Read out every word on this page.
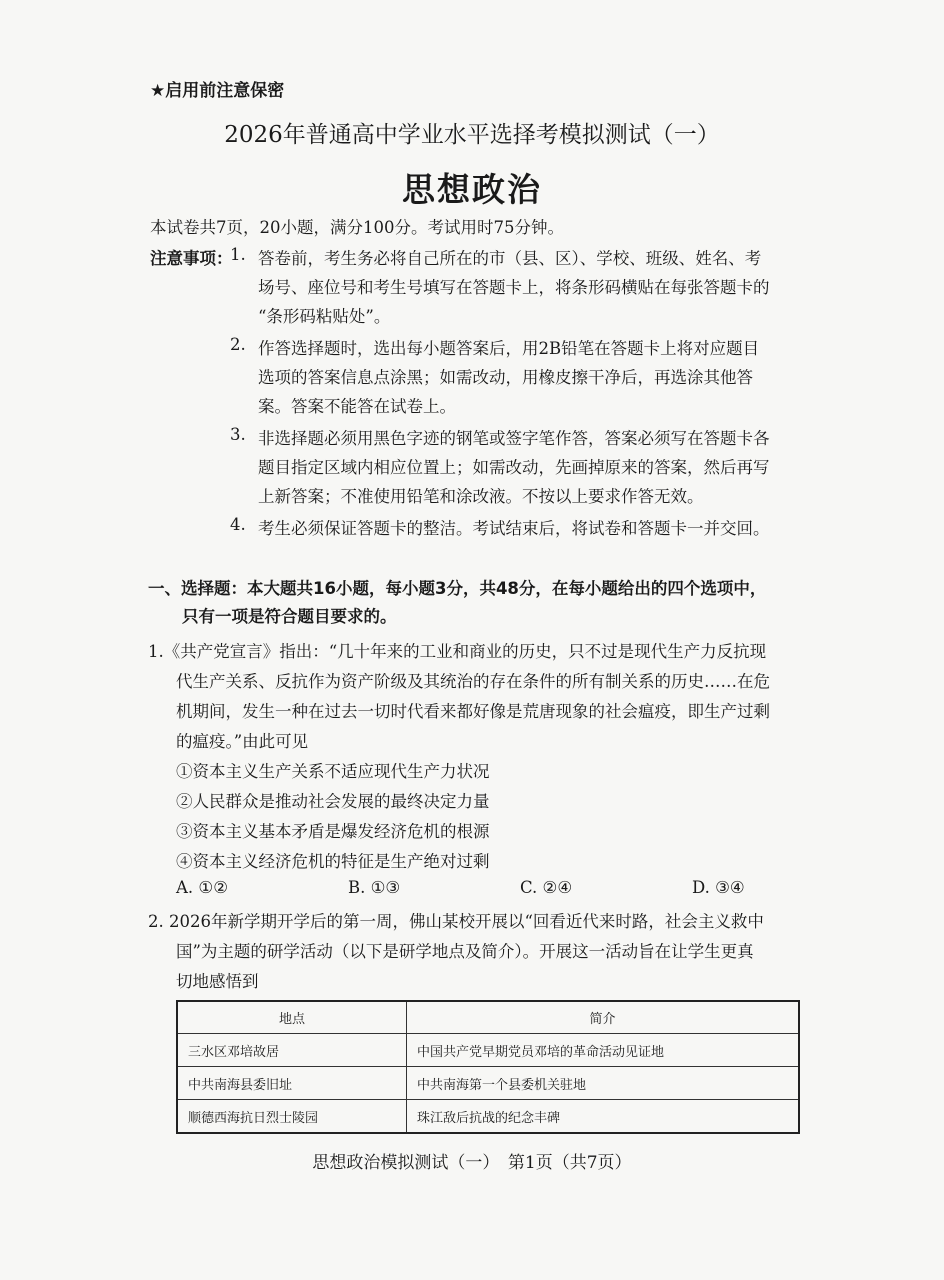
★启用前注意保密
2026年普通高中学业水平选择考模拟测试（一）
思想政治
本试卷共7页，20小题，满分100分。考试用时75分钟。
注意事项：
1. 答卷前，考生务必将自己所在的市（县、区）、学校、班级、姓名、考
场号、座位号和考生号填写在答题卡上，将条形码横贴在每张答题卡的
“条形码粘贴处”。
2. 作答选择题时，选出每小题答案后，用2B铅笔在答题卡上将对应题目
选项的答案信息点涂黑；如需改动，用橡皮擦干净后，再选涂其他答
案。答案不能答在试卷上。
3. 非选择题必须用黑色字迹的钢笔或签字笔作答，答案必须写在答题卡各
题目指定区域内相应位置上；如需改动，先画掉原来的答案，然后再写
上新答案；不准使用铅笔和涂改液。不按以上要求作答无效。
4. 考生必须保证答题卡的整洁。考试结束后，将试卷和答题卡一并交回。
一、选择题：本大题共16小题，每小题3分，共48分，在每小题给出的四个选项中，
只有一项是符合题目要求的。
1.《共产党宣言》指出：“几十年来的工业和商业的历史，只不过是现代生产力反抗现
代生产关系、反抗作为资产阶级及其统治的存在条件的所有制关系的历史……在危
机期间，发生一种在过去一切时代看来都好像是荒唐现象的社会瘟疫，即生产过剩
的瘟疫。”由此可见
①资本主义生产关系不适应现代生产力状况
②人民群众是推动社会发展的最终决定力量
③资本主义基本矛盾是爆发经济危机的根源
④资本主义经济危机的特征是生产绝对过剩
A. ①②	B. ①③	C. ②④	D. ③④
2. 2026年新学期开学后的第一周，佛山某校开展以“回看近代来时路，社会主义救中
国”为主题的研学活动（以下是研学地点及简介）。开展这一活动旨在让学生更真
切地感悟到
地点	简介
三水区邓培故居	中国共产党早期党员邓培的革命活动见证地
中共南海县委旧址	中共南海第一个县委机关驻地
顺德西海抗日烈士陵园	珠江敌后抗战的纪念丰碑
思想政治模拟测试（一）　第1页（共7页）
